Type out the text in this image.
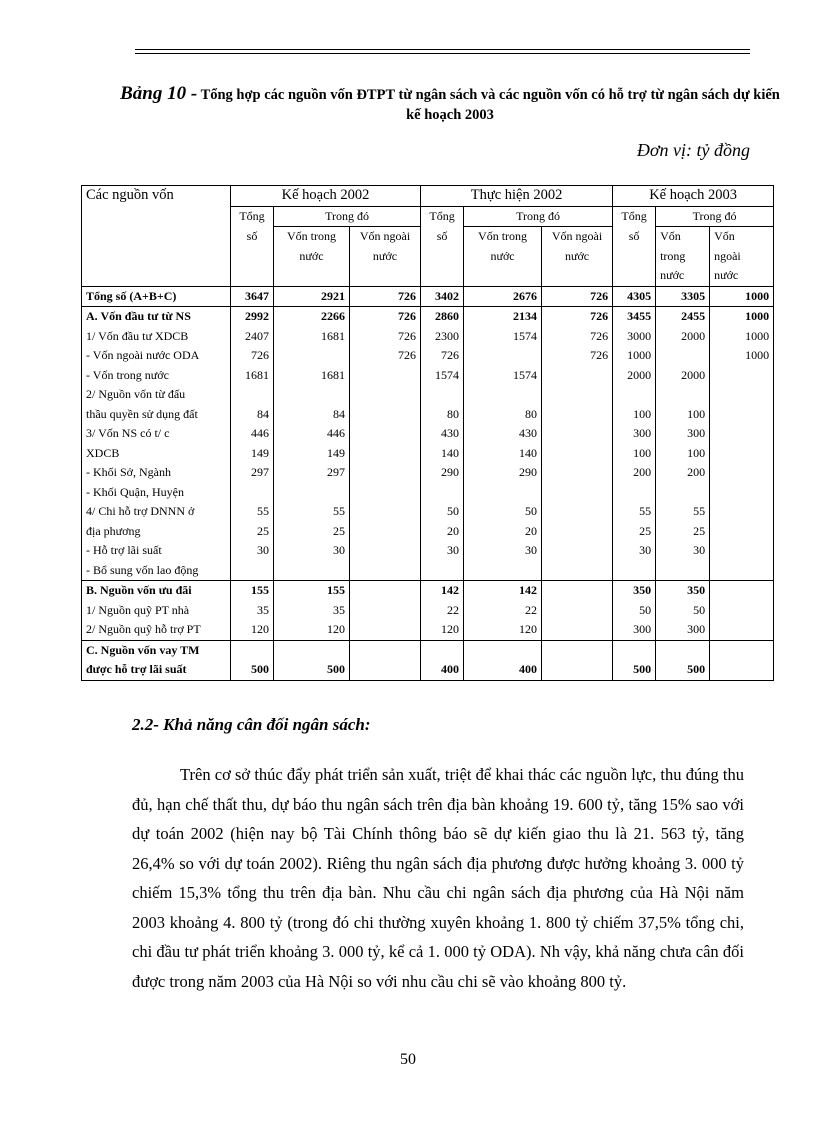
Bảng 10 - Tổng hợp các nguồn vốn ĐTPT từ ngân sách và các nguồn vốn có hỗ trợ từ ngân sách dự kiến kế hoạch 2003
Đơn vị: tỷ đồng
Các nguồn vốn	Kế hoạch 2002			Thực hiện 2002			Kế hoạch 2003		
	Tổng	Trong đó		Tổng	Trong đó		Tổng	Trong đó	
	số	Vốn trong	Vốn ngoài	số	Vốn trong	Vốn ngoài	số	Vốn	Vốn
		nước	nước		nước	nước		trong	ngoài
								nước	nước
Tổng số (A+B+C)	3647	2921	726	3402	2676	726	4305	3305	1000
A. Vốn đầu tư từ NS	2992	2266	726	2860	2134	726	3455	2455	1000
1/ Vốn đầu tư XDCB	2407	1681	726	2300	1574	726	3000	2000	1000
- Vốn ngoài nước ODA	726		726	726		726	1000		1000
- Vốn trong nước	1681	1681		1574	1574		2000	2000	
2/ Nguồn vốn từ đấu									
thầu quyền sử dụng đất	84	84		80	80		100	100	
3/ Vốn NS có t/ c	446	446		430	430		300	300	
XDCB	149	149		140	140		100	100	
- Khối Sở, Ngành	297	297		290	290		200	200	
- Khối Quận, Huyện									
4/ Chi hỗ trợ DNNN ở	55	55		50	50		55	55	
địa phương	25	25		20	20		25	25	
- Hỗ trợ lãi suất	30	30		30	30		30	30	
- Bổ sung vốn lao động									
B. Nguồn vốn ưu đãi	155	155		142	142		350	350	
1/ Nguồn quỹ PT nhà	35	35		22	22		50	50	
2/ Nguồn quỹ hỗ trợ PT	120	120		120	120		300	300	
C. Nguồn vốn vay TM									
được hỗ trợ lãi suất	500	500		400	400		500	500	
2.2- Khả năng cân đối ngân sách:

Trên cơ sở thúc đẩy phát triển sản xuất, triệt để khai thác các nguồn lực, thu đúng thu đủ, hạn chế thất thu, dự báo thu ngân sách trên địa bàn khoảng 19. 600 tỷ, tăng 15% sao với dự toán 2002 (hiện nay bộ Tài Chính thông báo sẽ dự kiến giao thu là 21. 563 tỷ, tăng 26,4% so với dự toán 2002). Riêng thu ngân sách địa phương được hưởng khoảng 3. 000 tỷ chiếm 15,3% tổng thu trên địa bàn. Nhu cầu chi ngân sách địa phương của Hà Nội năm 2003 khoảng 4. 800 tỷ (trong đó chi thường xuyên khoảng 1. 800 tỷ chiếm 37,5% tổng chi, chi đầu tư phát triển khoảng 3. 000 tỷ, kể cả 1. 000 tỷ ODA). Nh vậy, khả năng chưa cân đối được trong năm 2003 của Hà Nội so với nhu cầu chi sẽ vào khoảng 800 tỷ.

50
